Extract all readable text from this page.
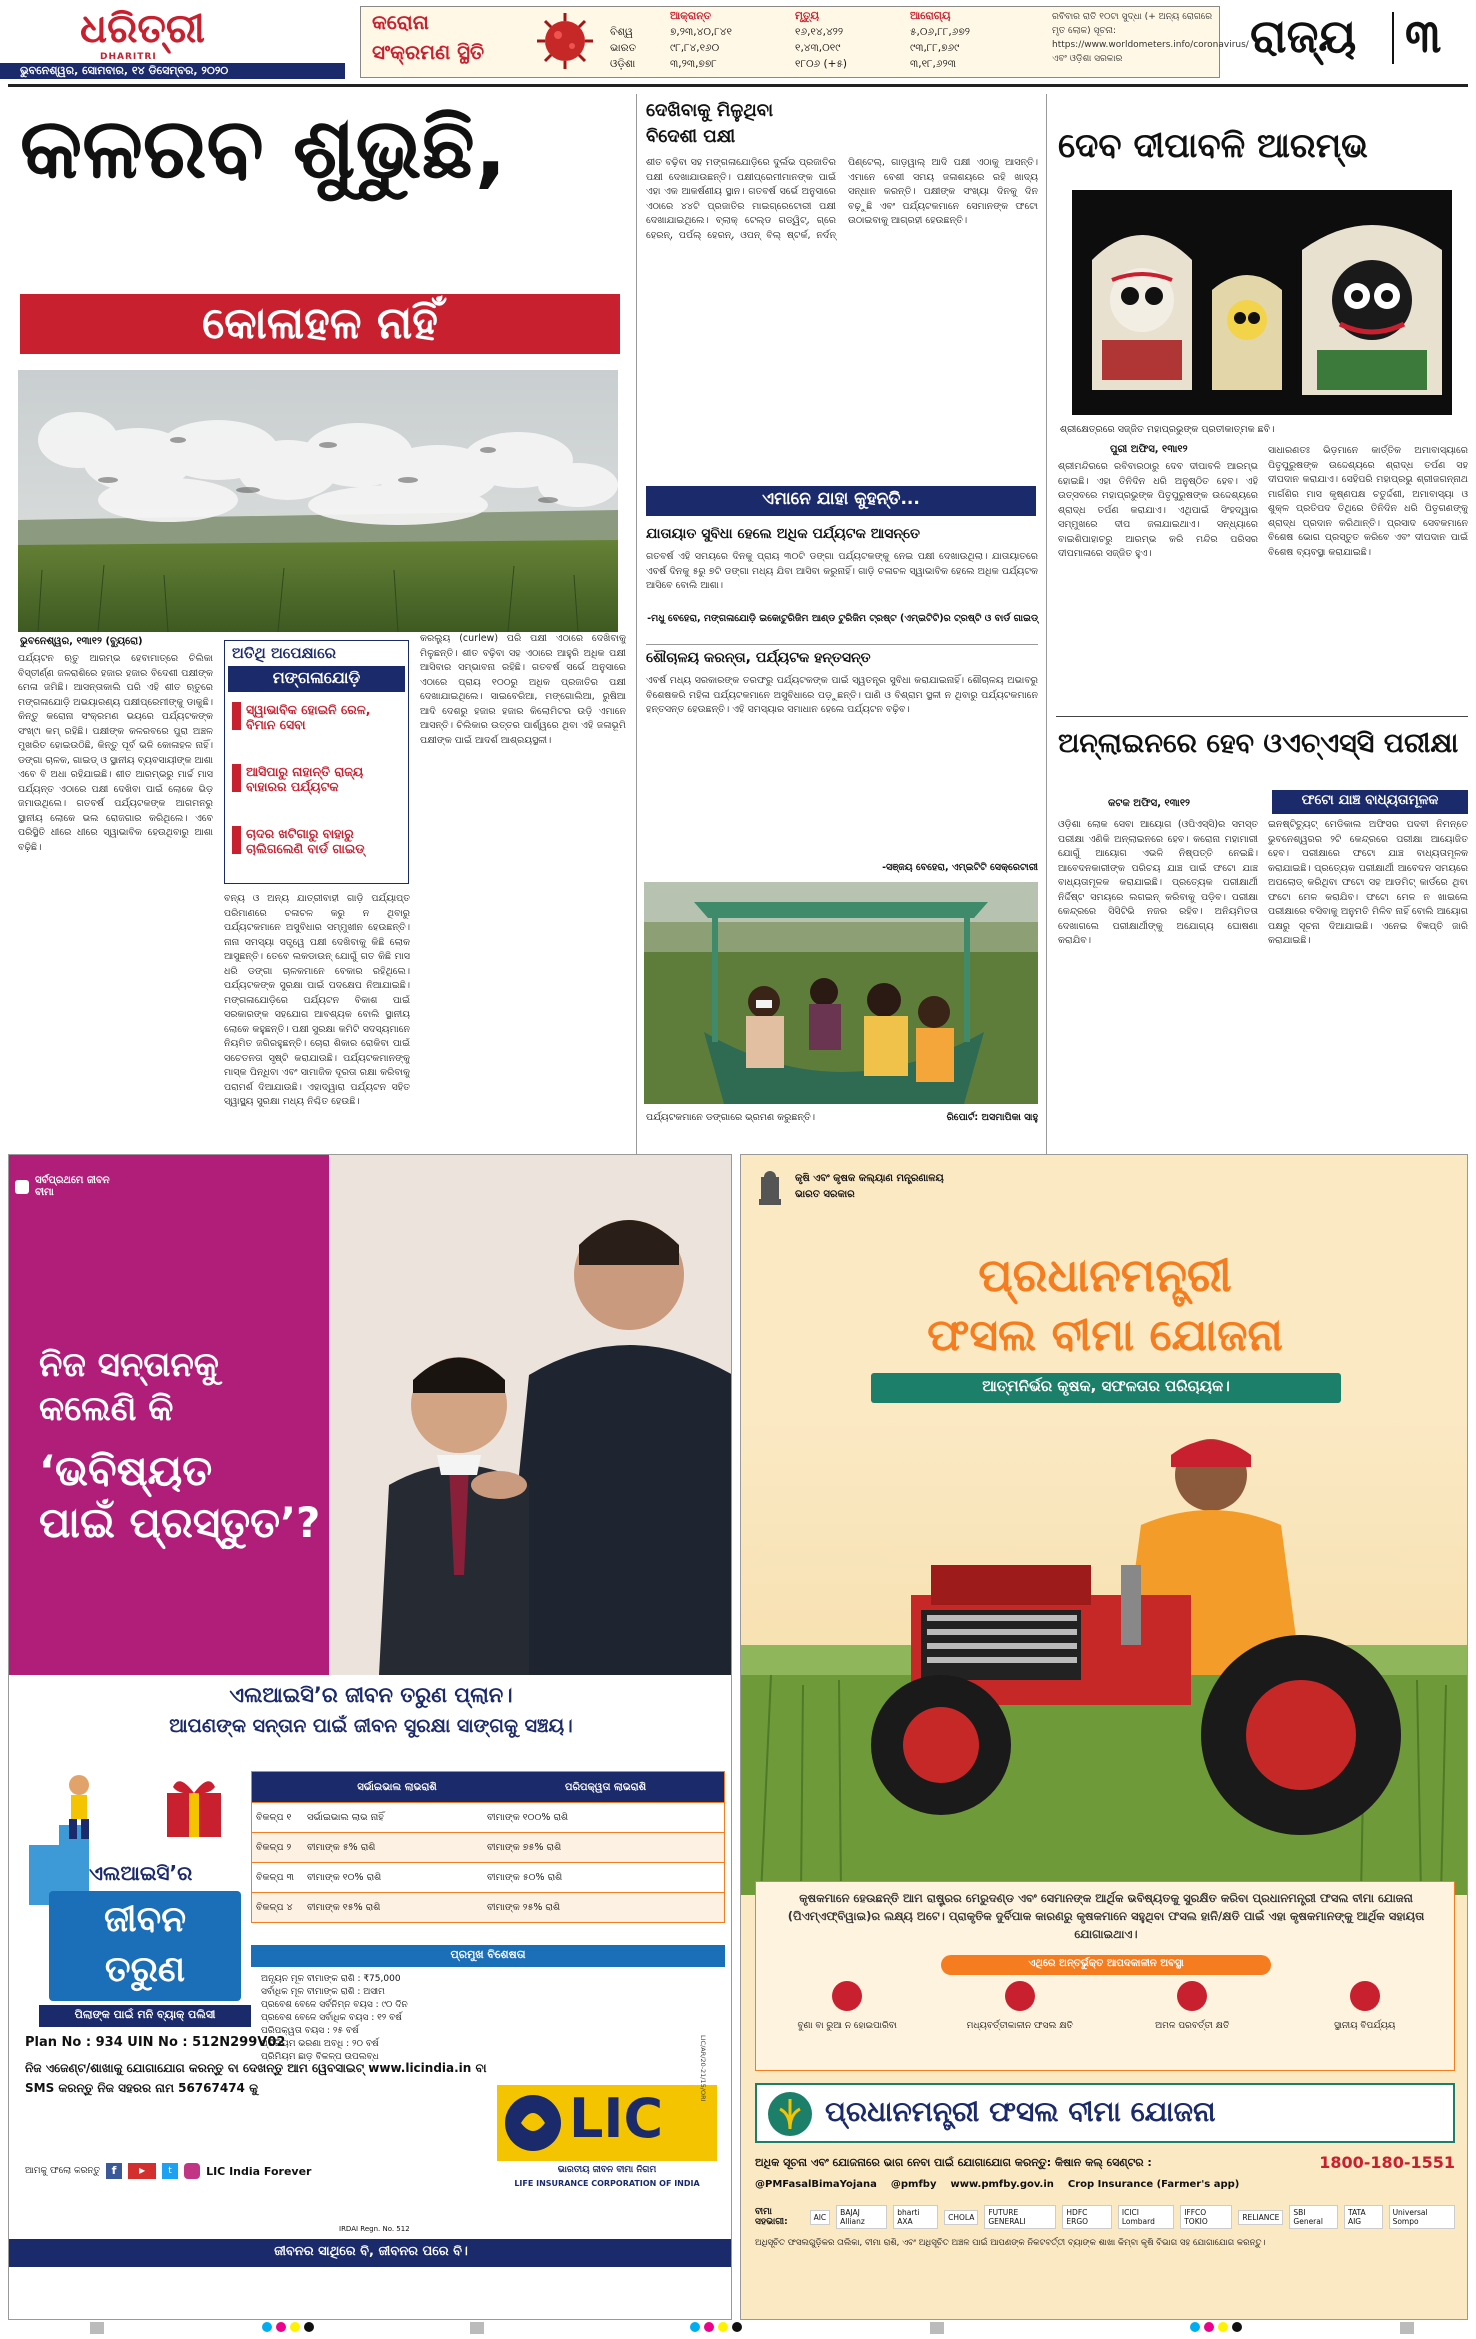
ଧରିତ୍ରୀ
DHARITRI
ଭୁବନେଶ୍ୱର, ସୋମବାର, ୧୪ ଡିସେମ୍ବର, ୨୦୨୦
କରୋନା
ସଂକ୍ରମଣ ସ୍ଥିତି
ଆକ୍ରାନ୍ତ	ମୃତ୍ୟୁ	ଆରୋଗ୍ୟ
ବିଶ୍ୱ	୭,୨୩,୪୦,୮୪୧	୧୬,୧୪,୪୨୨	୫,୦୬,୮୮,୬୭୨
ଭାରତ	୯୮,୮୪,୧୬୦	୧,୪୩,୦୧୯	୯୩,୮୮,୭୬୯
ଓଡ଼ିଶା	୩,୨୩,୭୭୮	୧୮୦୬ (+୫)	୩,୧୮,୬୨୩
ରବିବାର ରାତି ୧୦ଟା ସୁଦ୍ଧା (+ ଅନ୍ୟ ରୋଗରେ ମୃତ ଲୋକ) ସୂଚନା: https://www.worldometers.info/coronavirus/ ଏବଂ ଓଡ଼ିଶା ସରକାର	ରାଜ୍ୟ ୩
କଳରବ ଶୁଭୁଛି,
କୋଳାହଳ ନାହିଁ
ଭୁବନେଶ୍ୱର, ୧୩ା୧୨ (ବ୍ୟୁରୋ)
ପର୍ଯ୍ୟଟନ ଋତୁ ଆରମ୍ଭ ହେବାମାତ୍ରେ ଚିଲିକା ବିସ୍ତୀର୍ଣ୍ଣ ଜଳରାଶିରେ ହଜାର ହଜାର ବିଦେଶୀ ପକ୍ଷୀଙ୍କ ମେଳା ଜମିଛି। ଆସନ୍ତାକାଲି ପରି ଏହି ଶୀତ ଋତୁରେ ମଙ୍ଗଳାଯୋଡ଼ି ଅଭୟାରଣ୍ୟ ପକ୍ଷୀପ୍ରେମୀଙ୍କୁ ଡାକୁଛି। କିନ୍ତୁ କରୋନା ସଂକ୍ରମଣ ଭୟରେ ପର୍ଯ୍ୟଟକଙ୍କ ସଂଖ୍୯ା କମ୍ ରହିଛି। ପକ୍ଷୀଙ୍କ କଳରବରେ ପୁରା ଅଞ୍ଚଳ ମୁଖରିତ ହୋଇଉଠିଛି, କିନ୍ତୁ ପୂର୍ବ ଭଳି କୋଳାହଳ ନାହିଁ। ଡଙ୍ଗା ଚାଳକ, ଗାଇଡ୍ ଓ ସ୍ଥାନୀୟ ବ୍ୟବସାୟୀଙ୍କ ଆଶା ଏବେ ବି ଅଧା ରହିଯାଇଛି। ଶୀତ ଆରମ୍ଭରୁ ମାର୍ଚ୍ଚ ମାସ ପର୍ଯ୍ୟନ୍ତ ଏଠାରେ ପକ୍ଷୀ ଦେଖିବା ପାଇଁ ଲୋକେ ଭିଡ଼ ଜମାଉଥିଲେ। ଗତବର୍ଷ ପର୍ଯ୍ୟଟକଙ୍କ ଆଗମନରୁ ସ୍ଥାନୀୟ ଲୋକେ ଭଲ ରୋଜଗାର କରିଥିଲେ। ଏବେ ପରିସ୍ଥିତି ଧୀରେ ଧୀରେ ସ୍ୱାଭାବିକ ହେଉଥିବାରୁ ଆଶା ବଢ଼ିଛି।
ଅତିଥି ଅପେକ୍ଷାରେ
ମଙ୍ଗଳାଯୋଡ଼ି
ସ୍ୱାଭାବିକ ହୋଇନି ରେଳ, ବିମାନ ସେବା
ଆସିପାରୁ ନାହାନ୍ତି ରାଜ୍ୟ ବାହାରର ପର୍ଯ୍ୟଟକ
ଚାଦର ଖଟିଗାରୁ ବାହାରୁ ଚାଲିଗଲେଣି ବାର୍ଡ ଗାଇଡ୍
ବନ୍ୟ ଓ ଅନ୍ୟ ଯାତ୍ରୀବାହୀ ଗାଡ଼ି ପର୍ଯ୍ୟାପ୍ତ ପରିମାଣରେ ଚଳାଚଳ କରୁ ନ ଥିବାରୁ ପର୍ଯ୍ୟଟକମାନେ ଅସୁବିଧାର ସମ୍ମୁଖୀନ ହେଉଛନ୍ତି। ନାନା ସମସ୍ୟା ସତ୍ତ୍ୱେ ପକ୍ଷୀ ଦେଖିବାକୁ କିଛି ଲୋକ ଆସୁଛନ୍ତି। ତେବେ ଲକଡାଉନ୍ ଯୋଗୁଁ ଗତ କିଛି ମାସ ଧରି ଡଙ୍ଗା ଚାଳକମାନେ ବେକାର ରହିଥିଲେ। ପର୍ଯ୍ୟଟକଙ୍କ ସୁରକ୍ଷା ପାଇଁ ପଦକ୍ଷେପ ନିଆଯାଇଛି। ମଙ୍ଗଳାଯୋଡ଼ିରେ ପର୍ଯ୍ୟଟନ ବିକାଶ ପାଇଁ ସରକାରଙ୍କ ସହଯୋଗ ଆବଶ୍ୟକ ବୋଲି ସ୍ଥାନୀୟ ଲୋକେ କହୁଛନ୍ତି। ପକ୍ଷୀ ସୁରକ୍ଷା କମିଟି ସଦସ୍ୟମାନେ ନିୟମିତ ଜଗିରହୁଛନ୍ତି। ଚୋରା ଶିକାର ରୋକିବା ପାଇଁ ସଚେତନତା ସୃଷ୍ଟି କରାଯାଉଛି। ପର୍ଯ୍ୟଟକମାନଙ୍କୁ ମାସ୍କ ପିନ୍ଧିବା ଏବଂ ସାମାଜିକ ଦୂରତା ରକ୍ଷା କରିବାକୁ ପରାମର୍ଶ ଦିଆଯାଉଛି। ଏହାଦ୍ୱାରା ପର୍ଯ୍ୟଟନ ସହିତ ସ୍ୱାସ୍ଥ୍ୟ ସୁରକ୍ଷା ମଧ୍ୟ ନିଶ୍ଚିତ ହେଉଛି।
କରଲ୍ୟୁ (curlew) ପରି ପକ୍ଷୀ ଏଠାରେ ଦେଖିବାକୁ ମିଳୁଛନ୍ତି। ଶୀତ ବଢ଼ିବା ସହ ଏଠାରେ ଆହୁରି ଅଧିକ ପକ୍ଷୀ ଆସିବାର ସମ୍ଭାବନା ରହିଛି। ଗତବର୍ଷ ସର୍ଭେ ଅନୁସାରେ ଏଠାରେ ପ୍ରାୟ ୧୦୦ରୁ ଅଧିକ ପ୍ରଜାତିର ପକ୍ଷୀ ଦେଖାଯାଇଥିଲେ। ସାଇବେରିଆ, ମଙ୍ଗୋଲିଆ, ରୁଷିଆ ଆଦି ଦେଶରୁ ହଜାର ହଜାର କିଲୋମିଟର ଉଡ଼ି ଏମାନେ ଆସନ୍ତି। ଚିଲିକାର ଉତ୍ତର ପାର୍ଶ୍ୱରେ ଥିବା ଏହି ଜଳାଭୂମି ପକ୍ଷୀଙ୍କ ପାଇଁ ଆଦର୍ଶ ଆଶ୍ରୟସ୍ଥଳୀ।
ଦେଖିବାକୁ ମିଳୁଥିବା
ବିଦେଶୀ ପକ୍ଷୀ
ଶୀତ ବଢ଼ିବା ସହ ମଙ୍ଗଳାଯୋଡ଼ିରେ ଦୁର୍ଲଭ ପ୍ରଜାତିର ପକ୍ଷୀ ଦେଖାଯାଉଛନ୍ତି। ପକ୍ଷୀପ୍ରେମୀମାନଙ୍କ ପାଇଁ ଏହା ଏକ ଆକର୍ଷଣୀୟ ସ୍ଥାନ। ଗତବର୍ଷ ସର୍ଭେ ଅନୁସାରେ ଏଠାରେ ୪୪ଟି ପ୍ରଜାତିର ମାଇଗ୍ରେଟୋରୀ ପକ୍ଷୀ ଦେଖାଯାଇଥିଲେ। ବ୍ଲାକ୍ ଟେଲ୍ଡ ଗଡ୍ୱିଟ୍, ଗ୍ରେ ହେରନ୍, ପର୍ପଲ୍ ହେରନ୍, ଓପନ୍ ବିଲ୍ ଷ୍ଟର୍କ, ନର୍ଦନ୍ ପିଣ୍ଟେଲ୍, ଗାଡ଼ୱାଲ୍ ଆଦି ପକ୍ଷୀ ଏଠାକୁ ଆସନ୍ତି। ଏମାନେ ବେଶୀ ସମୟ ଜଳାଶୟରେ ରହି ଖାଦ୍ୟ ସନ୍ଧାନ କରନ୍ତି। ପକ୍ଷୀଙ୍କ ସଂଖ୍ୟା ଦିନକୁ ଦିନ ବଢ଼ୁଛି ଏବଂ ପର୍ଯ୍ୟଟକମାନେ ସେମାନଙ୍କ ଫଟୋ ଉଠାଇବାକୁ ଆଗ୍ରହୀ ହେଉଛନ୍ତି।
ଏମାନେ ଯାହା କୁହନ୍ତି...
ଯାତାୟାତ ସୁବିଧା ହେଲେ ଅଧିକ ପର୍ଯ୍ୟଟକ ଆସନ୍ତେ
ଗତବର୍ଷ ଏହି ସମୟରେ ଦିନକୁ ପ୍ରାୟ ୩୦ଟି ଡଙ୍ଗା ପର୍ଯ୍ୟଟକଙ୍କୁ ନେଇ ପକ୍ଷୀ ଦେଖାଉଥିଲା। ଯାତାୟାତରେ ଏବର୍ଷ ଦିନକୁ ୫ରୁ ୭ଟି ଡଙ୍ଗା ମଧ୍ୟ ଯିବା ଆସିବା କରୁନାହିଁ। ଗାଡ଼ି ଚଳାଚଳ ସ୍ୱାଭାବିକ ହେଲେ ଅଧିକ ପର୍ଯ୍ୟଟକ ଆସିବେ ବୋଲି ଆଶା।
-ମଧୁ ବେହେରା, ମଙ୍ଗଳାଯୋଡ଼ି ଇକୋଟୁରିଜିମ ଆଣ୍ଡ ଟୁରିଜିମ ଟ୍ରଷ୍ଟ (ଏମ୍‌ଇଟିଟି)ର ଟ୍ରଷ୍ଟି ଓ ବାର୍ଡ ଗାଇଡ୍
ଶୌଚାଳୟ କରନ୍ତା, ପର୍ଯ୍ୟଟକ ହନ୍ତସନ୍ତ
ଏବର୍ଷ ମଧ୍ୟ ସରକାରଙ୍କ ତରଫରୁ ପର୍ଯ୍ୟଟକଙ୍କ ପାଇଁ ସ୍ୱତନ୍ତ୍ର ସୁବିଧା କରାଯାଇନାହିଁ। ଶୌଚାଳୟ ଅଭାବରୁ ବିଶେଷକରି ମହିଳା ପର୍ଯ୍ୟଟକମାନେ ଅସୁବିଧାରେ ପଡ଼ୁଛନ୍ତି। ପାଣି ଓ ବିଶ୍ରାମ ସ୍ଥଳୀ ନ ଥିବାରୁ ପର୍ଯ୍ୟଟକମାନେ ହନ୍ତସନ୍ତ ହେଉଛନ୍ତି। ଏହି ସମସ୍ୟାର ସମାଧାନ ହେଲେ ପର୍ଯ୍ୟଟନ ବଢ଼ିବ।
-ସଞ୍ଜୟ ବେହେରା, ଏମ୍‌ଇଟିଟି ସେକ୍ରେଟାରୀ
ପର୍ଯ୍ୟଟକମାନେ ଡଙ୍ଗାରେ ଭ୍ରମଣ କରୁଛନ୍ତି।	ରିପୋର୍ଟ: ଅସମାପିକା ସାହୁ
ଦେବ ଦୀପାବଳି ଆରମ୍ଭ
ଶ୍ରୀକ୍ଷେତ୍ରରେ ସଜ୍ଜିତ ମହାପ୍ରଭୁଙ୍କ ପ୍ରତୀକାତ୍ମକ ଛବି।
ପୁରୀ ଅଫିସ, ୧୩ା୧୨
ଶ୍ରୀମନ୍ଦିରରେ ରବିବାରଠାରୁ ଦେବ ଦୀପାବଳି ଆରମ୍ଭ ହୋଇଛି। ଏହା ତିନିଦିନ ଧରି ଅନୁଷ୍ଠିତ ହେବ। ଏହି ଉତ୍ସବରେ ମହାପ୍ରଭୁଙ୍କ ପିତୃପୁରୁଷଙ୍କ ଉଦ୍ଦେଶ୍ୟରେ ଶ୍ରାଦ୍ଧ ତର୍ପଣ କରାଯାଏ। ଏଥିପାଇଁ ସିଂହଦ୍ୱାର ସମ୍ମୁଖରେ ଦୀପ ଜଳାଯାଇଥାଏ। ସନ୍ଧ୍ୟାରେ ବାଇଶିପାହାଚରୁ ଆରମ୍ଭ କରି ମନ୍ଦିର ପରିସର ଦୀପମାଳାରେ ସଜ୍ଜିତ ହୁଏ।
ସାଧାରଣତଃ ଭିଡ଼ମାନେ କାର୍ତ୍ତିକ ଅମାବାସ୍ୟାରେ ପିତୃପୁରୁଷଙ୍କ ଉଦ୍ଦେଶ୍ୟରେ ଶ୍ରାଦ୍ଧ ତର୍ପଣ ସହ ଦୀପଦାନ କରାଯାଏ। ସେହିପରି ମହାପ୍ରଭୁ ଶ୍ରୀଜଗନ୍ନାଥ ମାର୍ଗଶିର ମାସ କୃଷ୍ଣପକ୍ଷ ଚତୁର୍ଦ୍ଦଶୀ, ଅମାବାସ୍ୟା ଓ ଶୁକ୍ଳ ପ୍ରତିପଦ ତିଥିରେ ତିନିଦିନ ଧରି ପିତୃଗଣଙ୍କୁ ଶ୍ରାଦ୍ଧ ପ୍ରଦାନ କରିଥାନ୍ତି। ପ୍ରସାଦ ସେବକମାନେ ବିଶେଷ ଭୋଗ ପ୍ରସ୍ତୁତ କରିବେ ଏବଂ ଦୀପଦାନ ପାଇଁ ବିଶେଷ ବ୍ୟବସ୍ଥା କରାଯାଇଛି।
ଅନ୍‌ଲାଇନରେ ହେବ ଓଏଚ୍‌ଏସ୍‌ସି ପରୀକ୍ଷା
କଟକ ଅଫିସ, ୧୩ା୧୨	ଫଟୋ ଯାଞ୍ଚ ବାଧ୍ୟତାମୂଳକ
ଓଡ଼ିଶା ଲୋକ ସେବା ଆୟୋଗ (ଓପିଏସ୍‌ସି)ର ସମସ୍ତ ପରୀକ୍ଷା ଏଣିକି ଅନ୍‌ଲାଇନରେ ହେବ। କରୋନା ମହାମାରୀ ଯୋଗୁଁ ଆୟୋଗ ଏଭଳି ନିଷ୍ପତ୍ତି ନେଇଛି। ଆବେଦନକାରୀଙ୍କ ପରିଚୟ ଯାଞ୍ଚ ପାଇଁ ଫଟୋ ଯାଞ୍ଚ ବାଧ୍ୟତାମୂଳକ କରାଯାଇଛି। ପ୍ରତ୍ୟେକ ପରୀକ୍ଷାର୍ଥୀ ନିର୍ଦ୍ଦିଷ୍ଟ ସମୟରେ ଲଗଇନ୍ କରିବାକୁ ପଡ଼ିବ। ପରୀକ୍ଷା କେନ୍ଦ୍ରରେ ସିସିଟିଭି ନଜର ରହିବ। ଅନିୟମିତତା ଦେଖାଗଲେ ପରୀକ୍ଷାର୍ଥୀଙ୍କୁ ଅଯୋଗ୍ୟ ଘୋଷଣା କରାଯିବ।
ଇନଷ୍ଟିଚ୍ୟୁଟ୍ ମେଡିକାଲ ଅଫିସର ପଦବୀ ନିମନ୍ତେ ଭୁବନେଶ୍ୱରର ୨ଟି କେନ୍ଦ୍ରରେ ପରୀକ୍ଷା ଆୟୋଜିତ ହେବ। ପରୀକ୍ଷାରେ ଫଟୋ ଯାଞ୍ଚ ବାଧ୍ୟତାମୂଳକ କରାଯାଇଛି। ପ୍ରତ୍ୟେକ ପରୀକ୍ଷାର୍ଥୀ ଆବେଦନ ସମୟରେ ଅପଲୋଡ୍ କରିଥିବା ଫଟୋ ସହ ଆଡମିଟ୍ କାର୍ଡରେ ଥିବା ଫଟୋ ମେଳ କରାଯିବ। ଫଟୋ ମେଳ ନ ଖାଇଲେ ପରୀକ୍ଷାରେ ବସିବାକୁ ଅନୁମତି ମିଳିବ ନାହିଁ ବୋଲି ଆୟୋଗ ପକ୍ଷରୁ ସୂଚନା ଦିଆଯାଇଛି। ଏନେଇ ବିଜ୍ଞପ୍ତି ଜାରି କରାଯାଇଛି।
ସର୍ବପ୍ରଥମେ ଜୀବନ ବୀମା
ନିଜ ସନ୍ତାନକୁ
କଲେଣି କି
‘ଭବିଷ୍ୟତ
ପାଇଁ ପ୍ରସ୍ତୁତ’?
ଏଲଆଇସି’ର ଜୀବନ ତରୁଣ ପ୍ଲାନ।
ଆପଣଙ୍କ ସନ୍ତାନ ପାଇଁ ଜୀବନ ସୁରକ୍ଷା ସାଙ୍ଗକୁ ସଞ୍ଚୟ।
ଏଲଆଇସି’ର
ଜୀବନ
ତରୁଣ
ପିଲାଙ୍କ ପାଇଁ ମନି ବ୍ୟାକ୍ ପଲିସୀ
Plan No : 934 UIN No : 512N299V02
ସର୍ଭାଇଭାଲ ଲାଭରାଶି	ପରିପକ୍ୱତା ଲାଭରାଶି
ବିକଳ୍ପ ୧	ସର୍ଭାଇଭାଲ ଲାଭ ନାହିଁ	ବୀମାଙ୍କ ୧୦୦% ରାଶି
ବିକଳ୍ପ ୨	ବୀମାଙ୍କ ୫% ରାଶି	ବୀମାଙ୍କ ୭୫% ରାଶି
ବିକଳ୍ପ ୩	ବୀମାଙ୍କ ୧୦% ରାଶି	ବୀମାଙ୍କ ୫୦% ରାଶି
ବିକଳ୍ପ ୪	ବୀମାଙ୍କ ୧୫% ରାଶି	ବୀମାଙ୍କ ୨୫% ରାଶି
ପ୍ରମୁଖ ବିଶେଷତା
ଅନ୍ୟୂନ ମୂଳ ବୀମାଙ୍କ ରାଶି : ₹75,000
ସର୍ବାଧିକ ମୂଳ ବୀମାଙ୍କ ରାଶି : ଅସୀମ
ପ୍ରବେଶ ବେଳେ ସର୍ବନିମ୍ନ ବୟସ : ୯୦ ଦିନ
ପ୍ରବେଶ ବେଳେ ସର୍ବାଧିକ ବୟସ : ୧୨ ବର୍ଷ
ପରିପକ୍ୱତା ବୟସ : ୨୫ ବର୍ଷ
ପ୍ରିମିୟମ ଭରଣା ଅବଧି : ୨୦ ବର୍ଷ
ପ୍ରିମିୟମ ଛାଡ଼ ବିକଳ୍ପ ଉପଲବ୍ଧ
ନିଜ ଏଜେଣ୍ଟ/ଶାଖାକୁ ଯୋଗାଯୋଗ କରନ୍ତୁ ବା ଦେଖନ୍ତୁ ଆମ ୱେବସାଇଟ୍ www.licindia.in ବା
SMS କରନ୍ତୁ ନିଜ ସହରର ନାମ 56767474 କୁ
ଆମକୁ ଫଲୋ କରନ୍ତୁ	f	▶	t	LIC India Forever
LIC
ଭାରତୀୟ ଜୀବନ ବୀମା ନିଗମ
LIFE INSURANCE CORPORATION OF INDIA
IRDAI Regn. No. 512
LIC/AR/20-21/15/ORI
ଜୀବନର ସାଥିରେ ବି, ଜୀବନର ପରେ ବି।
କୃଷି ଏବଂ କୃଷକ କଲ୍ୟାଣ ମନ୍ତ୍ରଣାଳୟ
ଭାରତ ସରକାର
ପ୍ରଧାନମନ୍ତ୍ରୀ
ଫସଲ ବୀମା ଯୋଜନା
ଆତ୍ମନିର୍ଭର କୃଷକ, ସଫଳତାର ପରିଚାୟକ।
କୃଷକମାନେ ହେଉଛନ୍ତି ଆମ ରାଷ୍ଟ୍ରର ମେରୁଦଣ୍ଡ ଏବଂ ସେମାନଙ୍କ ଆର୍ଥିକ ଭବିଷ୍ୟତକୁ ସୁରକ୍ଷିତ କରିବା ପ୍ରଧାନମନ୍ତ୍ରୀ ଫସଲ ବୀମା ଯୋଜନା (ପିଏମ୍‌ଏଫ୍‌ବିୱାଇ)ର ଲକ୍ଷ୍ୟ ଅଟେ। ପ୍ରାକୃତିକ ଦୁର୍ବିପାକ କାରଣରୁ କୃଷକମାନେ ସହୁଥିବା ଫସଲ ହାନି/କ୍ଷତି ପାଇଁ ଏହା କୃଷକମାନଙ୍କୁ ଆର୍ଥିକ ସହାୟତା ଯୋଗାଇଥାଏ।
ଏଥିରେ ଅନ୍ତର୍ଭୁକ୍ତ ଆପଦକାଳୀନ ଅବସ୍ଥା
ବୁଣା ବା ରୁଆ ନ ହୋଇପାରିବା	ମଧ୍ୟବର୍ତ୍ତୀକାଳୀନ ଫସଲ କ୍ଷତି	ଅମଳ ପରବର୍ତ୍ତୀ କ୍ଷତି	ସ୍ଥାନୀୟ ବିପର୍ଯ୍ୟୟ
ପ୍ରଧାନମନ୍ତ୍ରୀ ଫସଲ ବୀମା ଯୋଜନା
ଅଧିକ ସୂଚନା ଏବଂ ଯୋଜନାରେ ଭାଗ ନେବା ପାଇଁ ଯୋଗାଯୋଗ କରନ୍ତୁ: କିଷାନ କଲ୍ ସେଣ୍ଟର :	1800-180-1551
@PMFasalBimaYojana @pmfby www.pmfby.gov.in Crop Insurance (Farmer's app)
ବୀମା ସହଭାଗୀ:	AIC	BAJAJ Allianz
bharti AXA	CHOLA	FUTURE GENERALI
HDFC ERGO
ICICI Lombard
IFFCO TOKIO	RELIANCE	SBI General
TATA AIG
Universal Sompo
ଅଧିସୂଚିତ ଫସଲଗୁଡ଼ିକର ତାଲିକା, ବୀମା ରାଶି, ଏବଂ ଅଧିସୂଚିତ ଅଞ୍ଚଳ ପାଇଁ ଆପଣଙ୍କ ନିକଟବର୍ତ୍ତୀ ବ୍ୟାଙ୍କ ଶାଖା କିମ୍ବା କୃଷି ବିଭାଗ ସହ ଯୋଗାଯୋଗ କରନ୍ତୁ।
